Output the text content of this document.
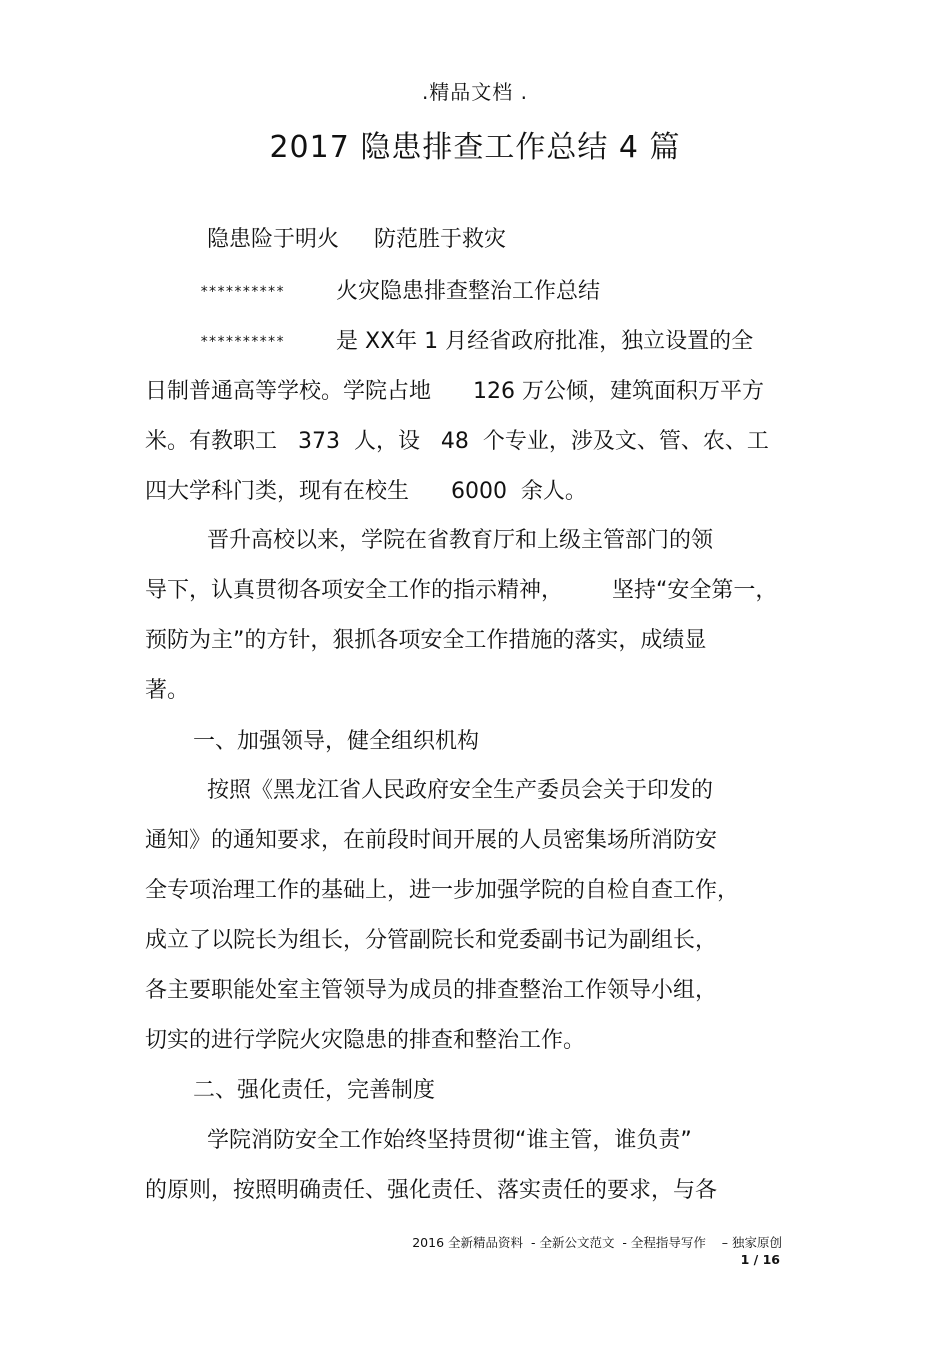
.精品文档 .
2017 隐患排查工作总结 4 篇
隐患险于明火     防范胜于救灾
********** 火灾隐患排查整治工作总结
********** 是 XX年 1 月经省政府批准，独立设置的全
日制普通高等学校。学院占地      126 万公倾，建筑面积万平方
米。有教职工   373  人，设   48  个专业，涉及文、管、农、工
四大学科门类，现有在校生      6000  余人。
晋升高校以来，学院在省教育厅和上级主管部门的领
导下，认真贯彻各项安全工作的指示精神，       坚持“安全第一，
预防为主”的方针，狠抓各项安全工作措施的落实，成绩显
著。
一、加强领导，健全组织机构
按照《黑龙江省人民政府安全生产委员会关于印发的
通知》的通知要求，在前段时间开展的人员密集场所消防安
全专项治理工作的基础上，进一步加强学院的自检自查工作，
成立了以院长为组长，分管副院长和党委副书记为副组长，
各主要职能处室主管领导为成员的排查整治工作领导小组，
切实的进行学院火灾隐患的排查和整治工作。
二、强化责任，完善制度
学院消防安全工作始终坚持贯彻“谁主管，谁负责”
的原则，按照明确责任、强化责任、落实责任的要求，与各
2016 全新精品资料  - 全新公文范文  - 全程指导写作    – 独家原创
1 / 16
